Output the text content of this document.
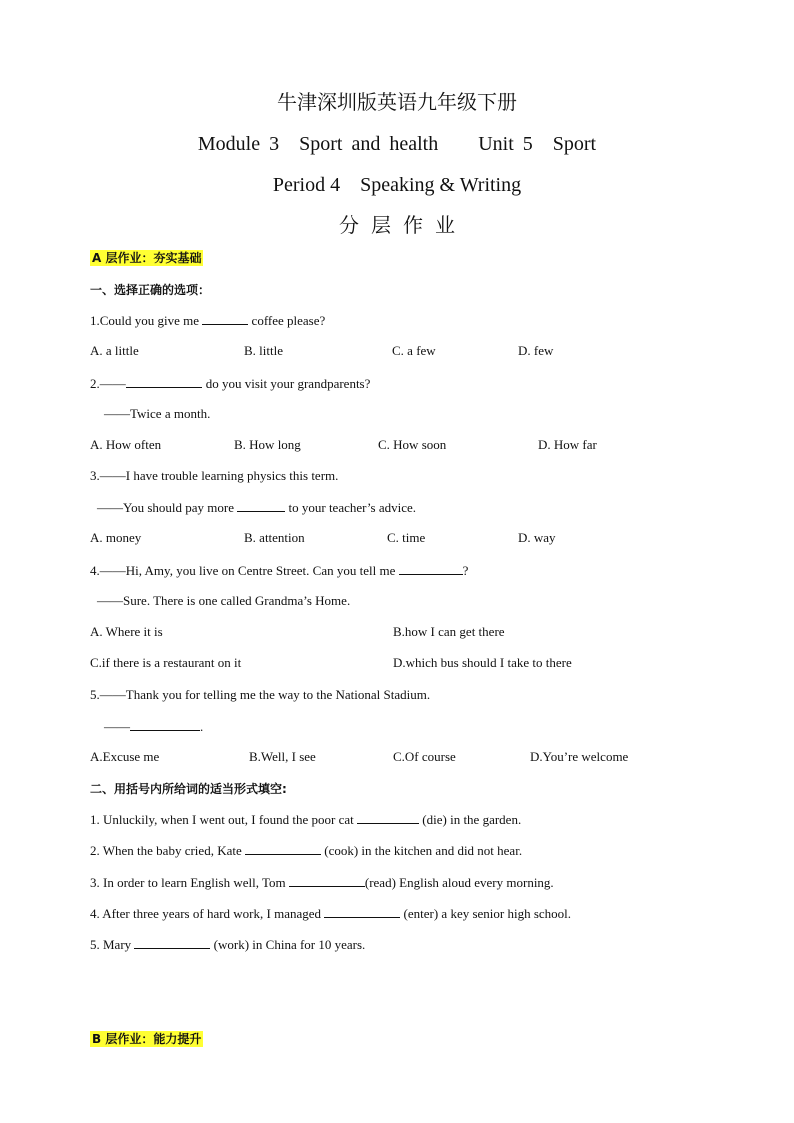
牛津深圳版英语九年级下册
Module 3　Sport and health　　Unit 5　Sport
Period 4　Speaking & Writing
分层作业
A 层作业：夯实基础
一、选择正确的选项：
1.Could you give me	coffee please?
A. a little	B. little	C. a few	D. few
2.——	do you visit your grandparents?
——Twice a month.
A. How often	B. How long	C. How soon	D. How far
3.——I have trouble learning physics this term.
——You should pay more	to your teacher’s advice.
A. money	B. attention	C. time	D. way
4.——Hi, Amy, you live on Centre Street. Can you tell me	?
——Sure. There is one called Grandma’s Home.
A. Where it is	B.how I can get there
C.if there is a restaurant on it	D.which bus should I take to there
5.——Thank you for telling me the way to the National Stadium.
——	.
A.Excuse me	B.Well, I see	C.Of course	D.You’re welcome
二、用括号内所给词的适当形式填空:
1. Unluckily, when I went out, I found the poor cat	(die) in the garden.
2. When the baby cried, Kate	(cook) in the kitchen and did not hear.
3. In order to learn English well, Tom	(read) English aloud every morning.
4. After three years of hard work, I managed	(enter) a key senior high school.
5. Mary	(work) in China for 10 years.
B 层作业：能力提升
